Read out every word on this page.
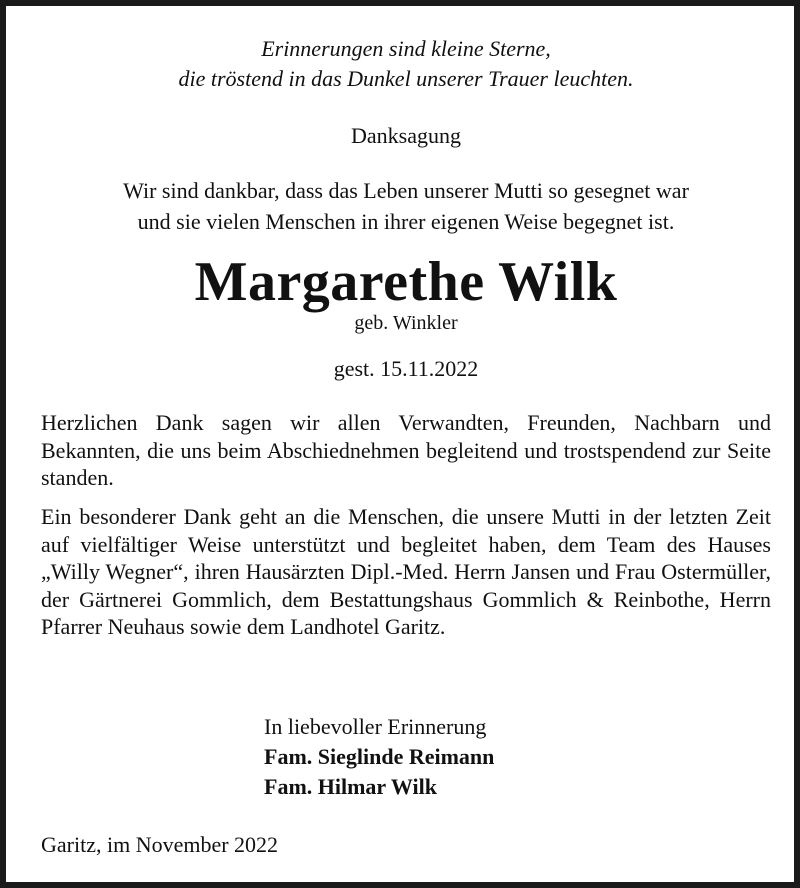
Erinnerungen sind kleine Sterne,

die tröstend in das Dunkel unserer Trauer leuchten.

Danksagung

Wir sind dankbar, dass das Leben unserer Mutti so gesegnet war

und sie vielen Menschen in ihrer eigenen Weise begegnet ist.

Margarethe Wilk

geb. Winkler

gest. 15.11.2022

Herzlichen Dank sagen wir allen Verwandten, Freunden, Nachbarn und Bekannten, die uns beim Abschiednehmen begleitend und trostspendend zur Seite standen.

Ein besonderer Dank geht an die Menschen, die unsere Mutti in der letzten Zeit auf vielfältiger Weise unterstützt und begleitet haben, dem Team des Hauses „Willy Wegner“, ihren Hausärzten Dipl.-Med. Herrn Jansen und Frau Ostermüller, der Gärtnerei Gommlich, dem Bestattungshaus Gommlich & Reinbothe, Herrn Pfarrer Neuhaus sowie dem Landhotel Garitz.

In liebevoller Erinnerung

Fam. Sieglinde Reimann

Fam. Hilmar Wilk

Garitz, im November 2022
